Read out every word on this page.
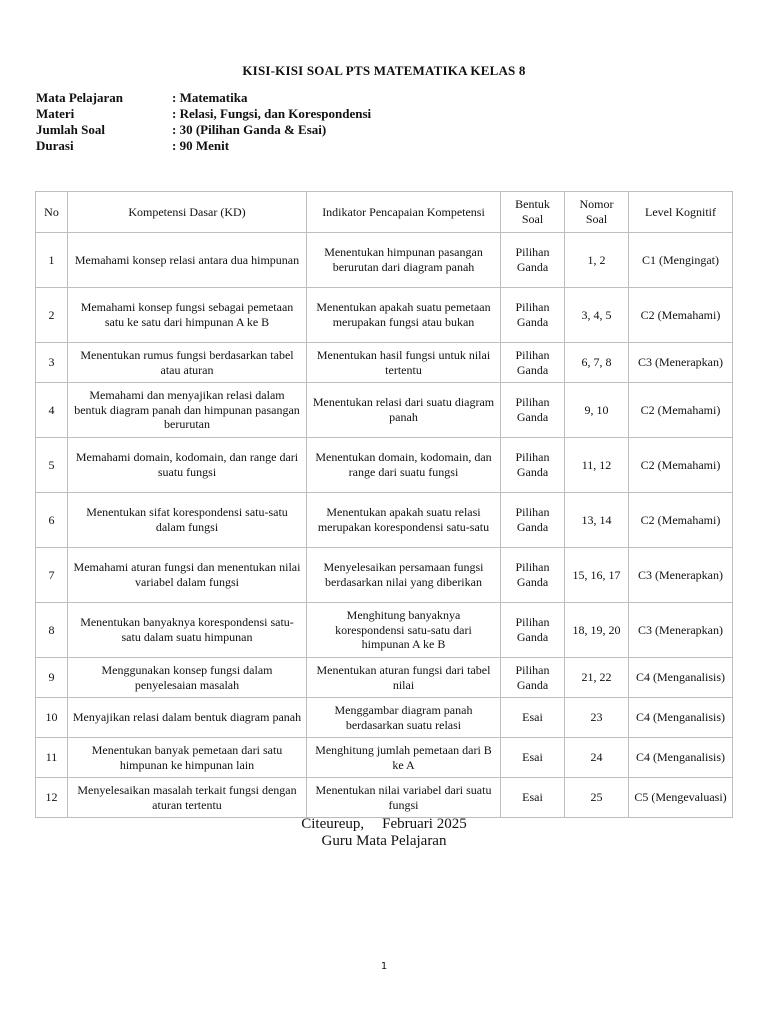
KISI-KISI SOAL PTS MATEMATIKA KELAS 8
Mata Pelajaran	: Matematika
Materi	: Relasi, Fungsi, dan Korespondensi
Jumlah Soal	: 30 (Pilihan Ganda & Esai)
Durasi	: 90 Menit
No	Kompetensi Dasar (KD)	Indikator Pencapaian Kompetensi	Bentuk Soal	Nomor Soal	Level Kognitif
1	Memahami konsep relasi antara dua himpunan	Menentukan himpunan pasangan berurutan dari diagram panah	Pilihan Ganda	1, 2	C1 (Mengingat)
2	Memahami konsep fungsi sebagai pemetaan satu ke satu dari himpunan A ke B	Menentukan apakah suatu pemetaan merupakan fungsi atau bukan	Pilihan Ganda	3, 4, 5	C2 (Memahami)
3	Menentukan rumus fungsi berdasarkan tabel atau aturan	Menentukan hasil fungsi untuk nilai tertentu	Pilihan Ganda	6, 7, 8	C3 (Menerapkan)
4	Memahami dan menyajikan relasi dalam bentuk diagram panah dan himpunan pasangan berurutan	Menentukan relasi dari suatu diagram panah	Pilihan Ganda	9, 10	C2 (Memahami)
5	Memahami domain, kodomain, dan range dari suatu fungsi	Menentukan domain, kodomain, dan range dari suatu fungsi	Pilihan Ganda	11, 12	C2 (Memahami)
6	Menentukan sifat korespondensi satu-satu dalam fungsi	Menentukan apakah suatu relasi merupakan korespondensi satu-satu	Pilihan Ganda	13, 14	C2 (Memahami)
7	Memahami aturan fungsi dan menentukan nilai variabel dalam fungsi	Menyelesaikan persamaan fungsi berdasarkan nilai yang diberikan	Pilihan Ganda	15, 16, 17	C3 (Menerapkan)
8	Menentukan banyaknya korespondensi satu-satu dalam suatu himpunan	Menghitung banyaknya korespondensi satu-satu dari himpunan A ke B	Pilihan Ganda	18, 19, 20	C3 (Menerapkan)
9	Menggunakan konsep fungsi dalam penyelesaian masalah	Menentukan aturan fungsi dari tabel nilai	Pilihan Ganda	21, 22	C4 (Menganalisis)
10	Menyajikan relasi dalam bentuk diagram panah	Menggambar diagram panah berdasarkan suatu relasi	Esai	23	C4 (Menganalisis)
11	Menentukan banyak pemetaan dari satu himpunan ke himpunan lain	Menghitung jumlah pemetaan dari B ke A	Esai	24	C4 (Menganalisis)
12	Menyelesaikan masalah terkait fungsi dengan aturan tertentu	Menentukan nilai variabel dari suatu fungsi	Esai	25	C5 (Mengevaluasi)
Citeureup, Februari 2025
Guru Mata Pelajaran
1
